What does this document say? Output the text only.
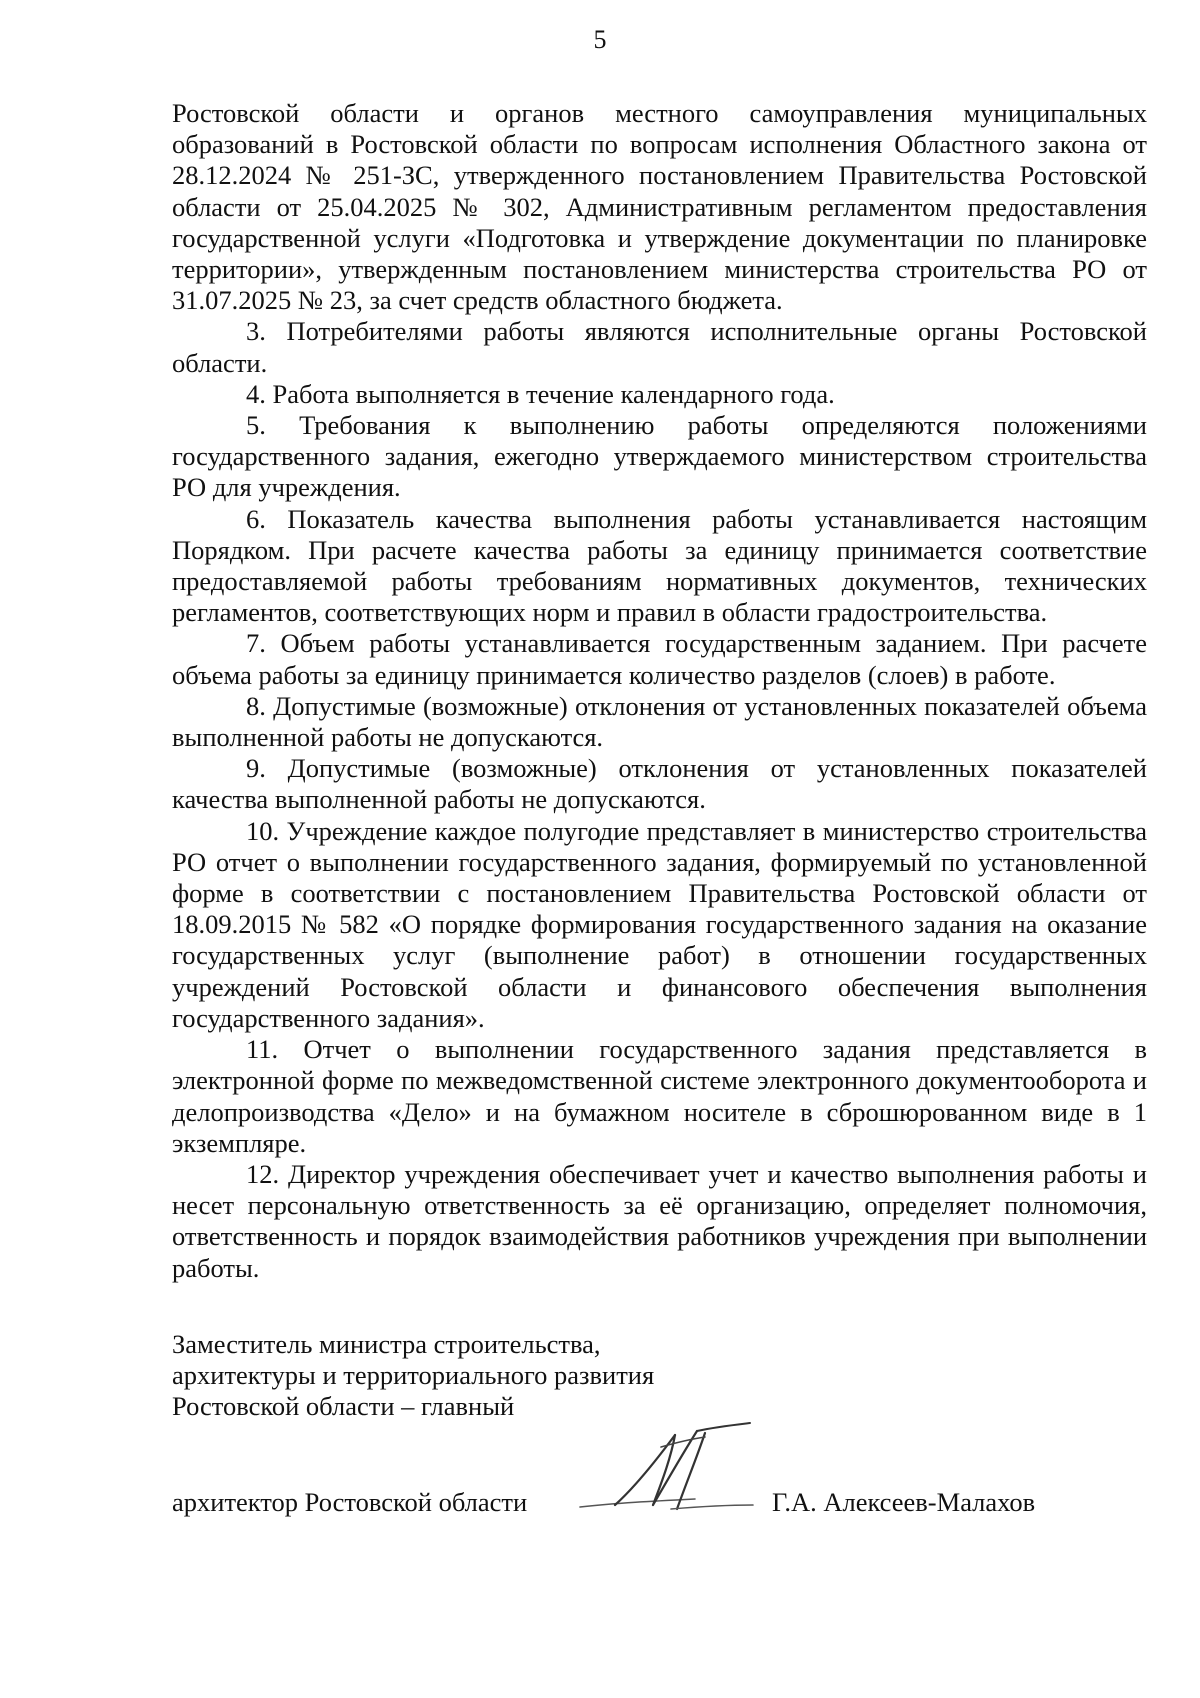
5

Ростовской области и органов местного самоуправления муниципальных образований в Ростовской области по вопросам исполнения Областного закона от 28.12.2024 № 251-ЗС, утвержденного постановлением Правительства Ростовской области от 25.04.2025 № 302, Административным регламентом предоставления государственной услуги «Подготовка и утверждение документации по планировке территории», утвержденным постановлением министерства строительства РО от 31.07.2025 № 23, за счет средств областного бюджета.

3. Потребителями работы являются исполнительные органы Ростовской области.

4. Работа выполняется в течение календарного года.

5. Требования к выполнению работы определяются положениями государственного задания, ежегодно утверждаемого министерством строительства РО для учреждения.

6. Показатель качества выполнения работы устанавливается настоящим Порядком. При расчете качества работы за единицу принимается соответствие предоставляемой работы требованиям нормативных документов, технических регламентов, соответствующих норм и правил в области градостроительства.

7. Объем работы устанавливается государственным заданием. При расчете объема работы за единицу принимается количество разделов (слоев) в работе.

8. Допустимые (возможные) отклонения от установленных показателей объема выполненной работы не допускаются.

9. Допустимые (возможные) отклонения от установленных показателей качества выполненной работы не допускаются.

10. Учреждение каждое полугодие представляет в министерство строительства РО отчет о выполнении государственного задания, формируемый по установленной форме в соответствии с постановлением Правительства Ростовской области от 18.09.2015 № 582 «О порядке формирования государственного задания на оказание государственных услуг (выполнение работ) в отношении государственных учреждений Ростовской области и финансового обеспечения выполнения государственного задания».

11. Отчет о выполнении государственного задания представляется в электронной форме по межведомственной системе электронного документооборота и делопроизводства «Дело» и на бумажном носителе в сброшюрованном виде в 1 экземпляре.

12. Директор учреждения обеспечивает учет и качество выполнения работы и несет персональную ответственность за её организацию, определяет полномочия, ответственность и порядок взаимодействия работников учреждения при выполнении работы.

Заместитель министра строительства,
архитектуры и территориального развития
Ростовской области – главный
архитектор Ростовской области	Г.А. Алексеев-Малахов
